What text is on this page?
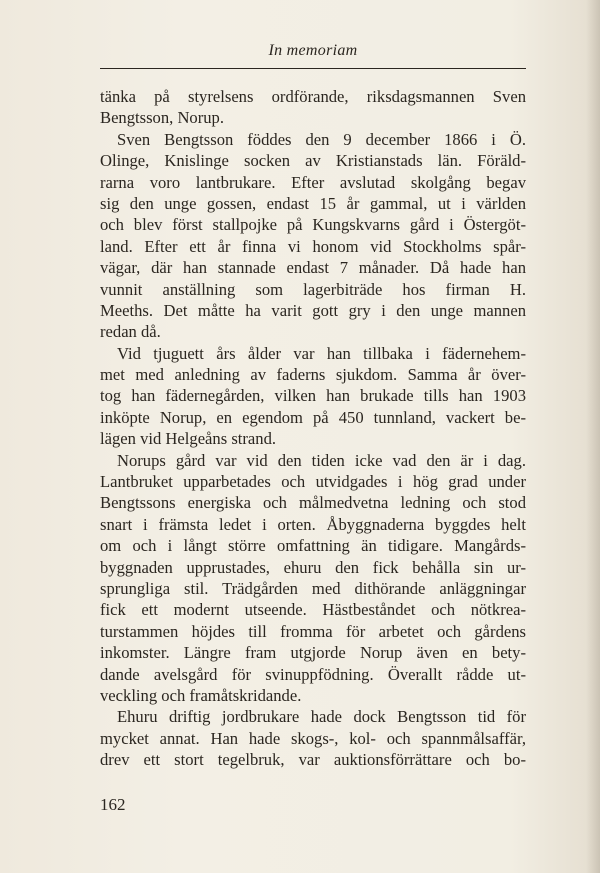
In memoriam
tänka på styrelsens ordförande, riksdagsmannen Sven
Bengtsson, Norup.
Sven Bengtsson föddes den 9 december 1866 i Ö.
Olinge, Knislinge socken av Kristianstads län. Föräld-
rarna voro lantbrukare. Efter avslutad skolgång begav
sig den unge gossen, endast 15 år gammal, ut i världen
och blev först stallpojke på Kungskvarns gård i Östergöt-
land. Efter ett år finna vi honom vid Stockholms spår-
vägar, där han stannade endast 7 månader. Då hade han
vunnit anställning som lagerbiträde hos firman H.
Meeths. Det måtte ha varit gott gry i den unge mannen
redan då.
Vid tjuguett års ålder var han tillbaka i fädernehem-
met med anledning av faderns sjukdom. Samma år över-
tog han fädernegården, vilken han brukade tills han 1903
inköpte Norup, en egendom på 450 tunnland, vackert be-
lägen vid Helgeåns strand.
Norups gård var vid den tiden icke vad den är i dag.
Lantbruket upparbetades och utvidgades i hög grad under
Bengtssons energiska och målmedvetna ledning och stod
snart i främsta ledet i orten. Åbyggnaderna byggdes helt
om och i långt större omfattning än tidigare. Mangårds-
byggnaden upprustades, ehuru den fick behålla sin ur-
sprungliga stil. Trädgården med dithörande anläggningar
fick ett modernt utseende. Hästbeståndet och nötkrea-
turstammen höjdes till fromma för arbetet och gårdens
inkomster. Längre fram utgjorde Norup även en bety-
dande avelsgård för svinuppfödning. Överallt rådde ut-
veckling och framåtskridande.
Ehuru driftig jordbrukare hade dock Bengtsson tid för
mycket annat. Han hade skogs-, kol- och spannmålsaffär,
drev ett stort tegelbruk, var auktionsförrättare och bo-
162
